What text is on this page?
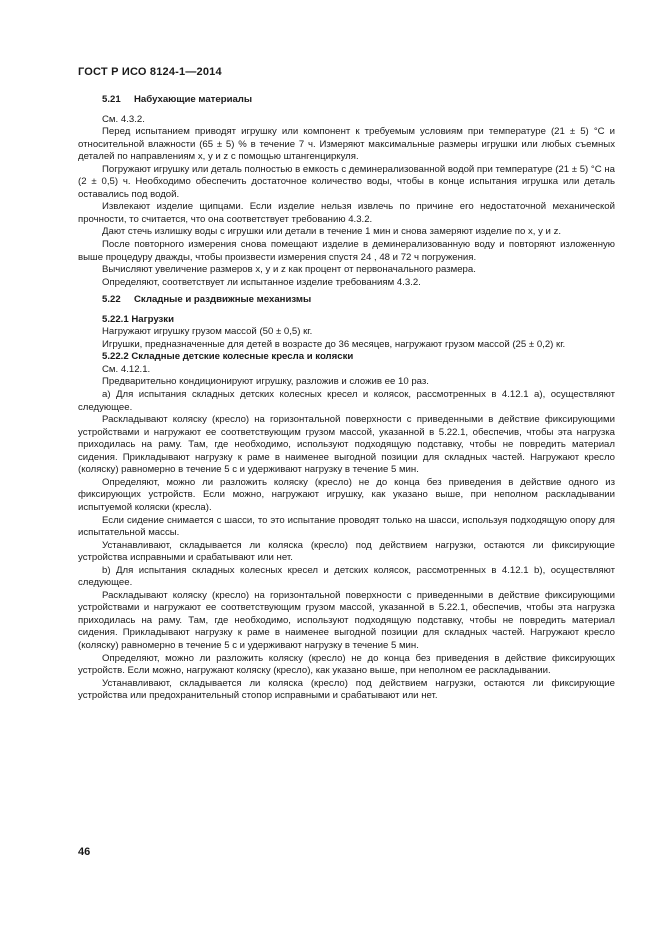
ГОСТ Р ИСО 8124-1—2014
5.21 Набухающие материалы

См. 4.3.2.

Перед испытанием приводят игрушку или компонент к требуемым условиям при температуре (21 ± 5) °С и относительной влажности (65 ± 5) % в течение 7 ч. Измеряют максимальные размеры игрушки или любых съемных деталей по направлениям x, y и z с помощью штангенциркуля.

Погружают игрушку или деталь полностью в емкость с деминерализованной водой при температуре (21 ± 5) °С на (2 ± 0,5) ч. Необходимо обеспечить достаточное количество воды, чтобы в конце испытания игрушка или деталь оставались под водой.

Извлекают изделие щипцами. Если изделие нельзя извлечь по причине его недостаточной механической прочности, то считается, что она соответствует требованию 4.3.2.

Дают стечь излишку воды с игрушки или детали в течение 1 мин и снова замеряют изделие по x, y и z.

После повторного измерения снова помещают изделие в деминерализованную воду и повторяют изложенную выше процедуру дважды, чтобы произвести измерения спустя 24 , 48 и 72 ч погружения.

Вычисляют увеличение размеров x, y и z как процент от первоначального размера.

Определяют, соответствует ли испытанное изделие требованиям 4.3.2.

5.22 Складные и раздвижные механизмы
5.22.1 Нагрузки

Нагружают игрушку грузом массой (50 ± 0,5) кг.

Игрушки, предназначенные для детей в возрасте до 36 месяцев, нагружают грузом массой (25 ± 0,2) кг.

5.22.2 Складные детские колесные кресла и коляски

См. 4.12.1.

Предварительно кондиционируют игрушку, разложив и сложив ее 10 раз.

а) Для испытания складных детских колесных кресел и колясок, рассмотренных в 4.12.1 а), осуществляют следующее.

Раскладывают коляску (кресло) на горизонтальной поверхности с приведенными в действие фиксирующими устройствами и нагружают ее соответствующим грузом массой, указанной в 5.22.1, обеспечив, чтобы эта нагрузка приходилась на раму. Там, где необходимо, используют подходящую подставку, чтобы не повредить материал сидения. Прикладывают нагрузку к раме в наименее выгодной позиции для складных частей. Нагружают кресло (коляску) равномерно в течение 5 с и удерживают нагрузку в течение 5 мин.

Определяют, можно ли разложить коляску (кресло) не до конца без приведения в действие одного из фиксирующих устройств. Если можно, нагружают игрушку, как указано выше, при неполном раскладывании испытуемой коляски (кресла).

Если сидение снимается с шасси, то это испытание проводят только на шасси, используя подходящую опору для испытательной массы.

Устанавливают, складывается ли коляска (кресло) под действием нагрузки, остаются ли фиксирующие устройства исправными и срабатывают или нет.

b) Для испытания складных колесных кресел и детских колясок, рассмотренных в 4.12.1 b), осуществляют следующее.

Раскладывают коляску (кресло) на горизонтальной поверхности с приведенными в действие фиксирующими устройствами и нагружают ее соответствующим грузом массой, указанной в 5.22.1, обеспечив, чтобы эта нагрузка приходилась на раму. Там, где необходимо, используют подходящую подставку, чтобы не повредить материал сидения. Прикладывают нагрузку к раме в наименее выгодной позиции для складных частей. Нагружают кресло (коляску) равномерно в течение 5 с и удерживают нагрузку в течение 5 мин.

Определяют, можно ли разложить коляску (кресло) не до конца без приведения в действие фиксирующих устройств. Если можно, нагружают коляску (кресло), как указано выше, при неполном ее раскладывании.

Устанавливают, складывается ли коляска (кресло) под действием нагрузки, остаются ли фиксирующие устройства или предохранительный стопор исправными и срабатывают или нет.

46
